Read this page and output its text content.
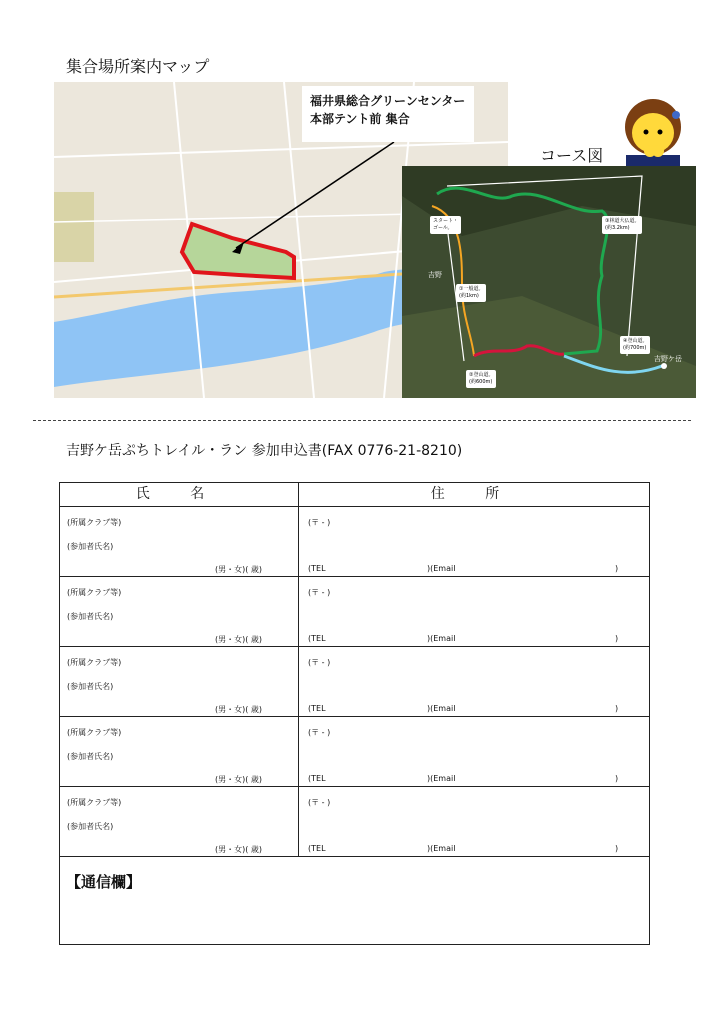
集合場所案内マップ
福井県総合グリーンセンター
本部テント前 集合
コース図
スタート・
ゴール。
①一般道。
(約1km)
②登山道。
(約600m)
③林道大仏道。
(約3.2km)
④登山道。
(約700m)
吉野
吉野ケ岳
吉野ケ岳ぷちトレイル・ラン 参加申込書(FAX 0776-21-8210)
氏 名	住 所
(所属クラブ等)
(参加者氏名)
(男・女)( 歳)
(〒 - )
(TEL	)(Email	)
(所属クラブ等)
(参加者氏名)
(男・女)( 歳)
(〒 - )
(TEL	)(Email	)
(所属クラブ等)
(参加者氏名)
(男・女)( 歳)
(〒 - )
(TEL	)(Email	)
(所属クラブ等)
(参加者氏名)
(男・女)( 歳)
(〒 - )
(TEL	)(Email	)
(所属クラブ等)
(参加者氏名)
(男・女)( 歳)
(〒 - )
(TEL	)(Email	)
【通信欄】
